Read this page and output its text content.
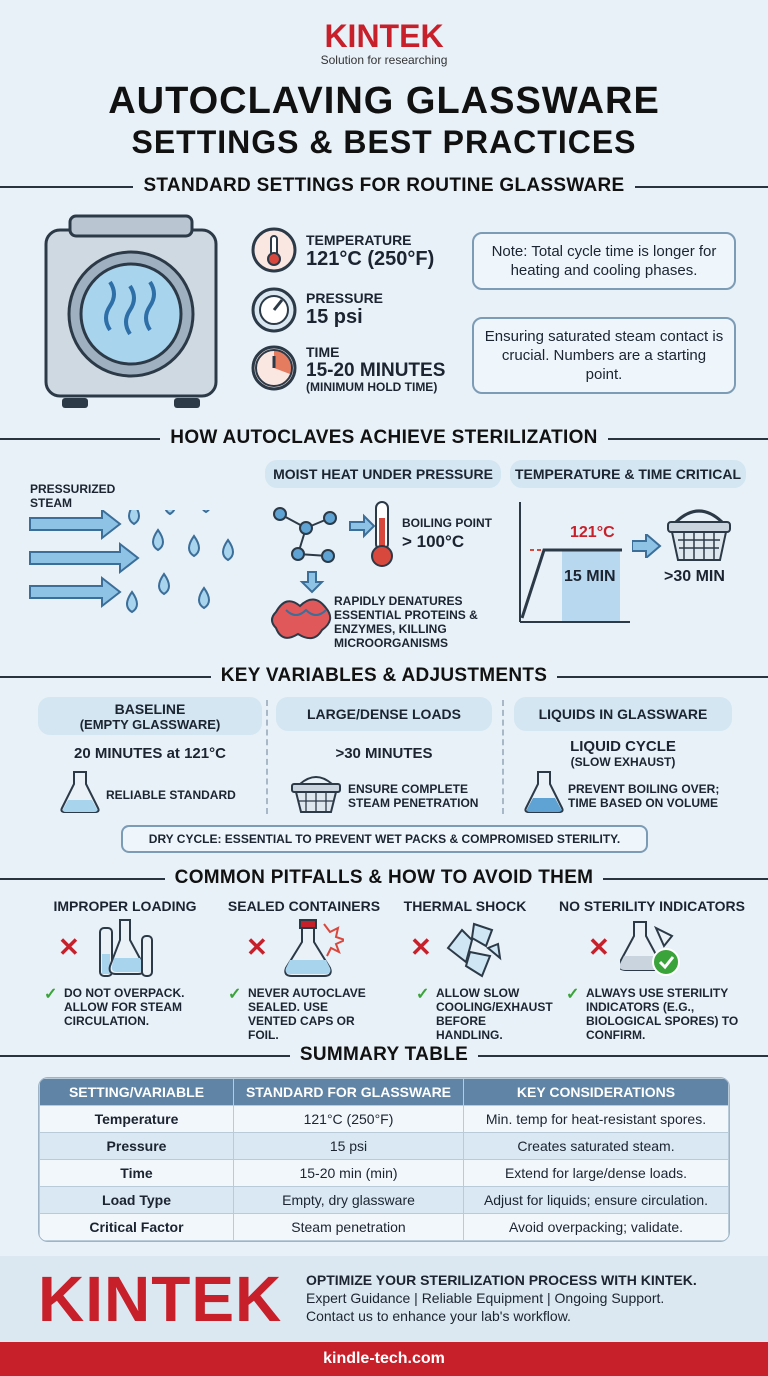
KINTEK
Solution for researching
AUTOCLAVING GLASSWARE
SETTINGS & BEST PRACTICES
STANDARD SETTINGS FOR ROUTINE GLASSWARE
TEMPERATURE
121°C (250°F)
PRESSURE
15 psi
TIME
15-20 MINUTES
(MINIMUM HOLD TIME)
Note: Total cycle time is longer for heating and cooling phases.
Ensuring saturated steam contact is crucial. Numbers are a starting point.
HOW AUTOCLAVES ACHIEVE STERILIZATION
PRESSURIZED STEAM
MOIST HEAT UNDER PRESSURE
BOILING POINT
> 100°C
RAPIDLY DENATURES ESSENTIAL PROTEINS & ENZYMES, KILLING MICROORGANISMS
TEMPERATURE & TIME CRITICAL
121°C
15 MIN	>30 MIN
KEY VARIABLES & ADJUSTMENTS
BASELINE
(EMPTY GLASSWARE)
20 MINUTES at 121°C
RELIABLE STANDARD
LARGE/DENSE LOADS
>30 MINUTES
ENSURE COMPLETE STEAM PENETRATION
LIQUIDS IN GLASSWARE
LIQUID CYCLE
(SLOW EXHAUST)
PREVENT BOILING OVER; TIME BASED ON VOLUME
DRY CYCLE: ESSENTIAL TO PREVENT WET PACKS & COMPROMISED STERILITY.
COMMON PITFALLS & HOW TO AVOID THEM
IMPROPER LOADING	SEALED CONTAINERS	THERMAL SHOCK	NO STERILITY INDICATORS
✕
✓ DO NOT OVERPACK. ALLOW FOR STEAM CIRCULATION.
✕
✓ NEVER AUTOCLAVE SEALED. USE VENTED CAPS OR FOIL.
✕
✓ ALLOW SLOW COOLING/EXHAUST BEFORE HANDLING.
✕
✓ ALWAYS USE STERILITY INDICATORS (E.G., BIOLOGICAL SPORES) TO CONFIRM.
SUMMARY TABLE
SETTING/VARIABLE	STANDARD FOR GLASSWARE	KEY CONSIDERATIONS
Temperature	121°C (250°F)	Min. temp for heat-resistant spores.
Pressure	15 psi	Creates saturated steam.
Time	15-20 min (min)	Extend for large/dense loads.
Load Type	Empty, dry glassware	Adjust for liquids; ensure circulation.
Critical Factor	Steam penetration	Avoid overpacking; validate.
KINTEK OPTIMIZE YOUR STERILIZATION PROCESS WITH KINTEK.
Expert Guidance | Reliable Equipment | Ongoing Support.
Contact us to enhance your lab's workflow.
kindle-tech.com
